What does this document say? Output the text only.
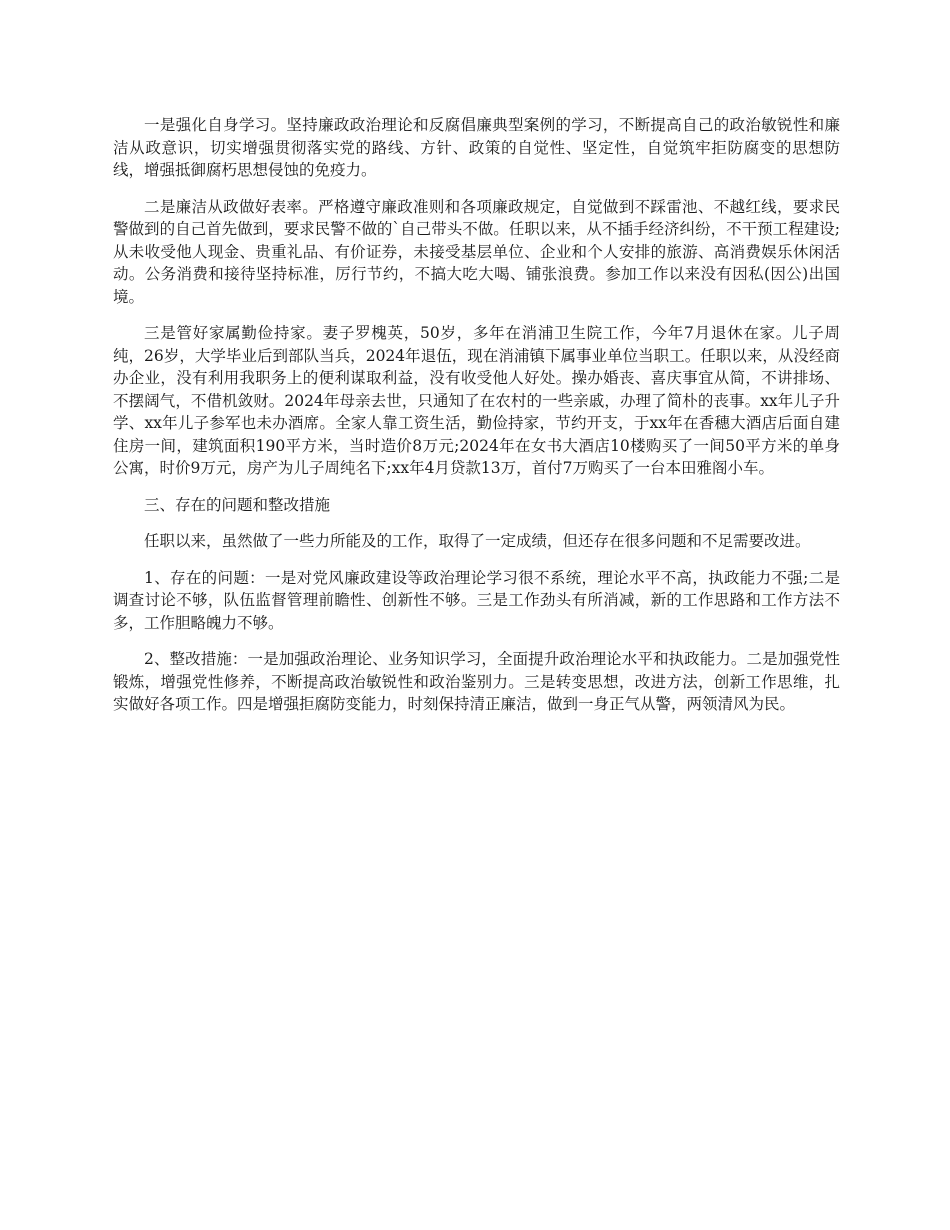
一是强化自身学习。坚持廉政政治理论和反腐倡廉典型案例的学习，不断提高自己的政治敏锐性和廉洁从政意识，切实增强贯彻落实党的路线、方针、政策的自觉性、坚定性，自觉筑牢拒防腐变的思想防线，增强抵御腐朽思想侵蚀的免疫力。

二是廉洁从政做好表率。严格遵守廉政准则和各项廉政规定，自觉做到不踩雷池、不越红线，要求民警做到的自己首先做到，要求民警不做的`自己带头不做。任职以来，从不插手经济纠纷，不干预工程建设;从未收受他人现金、贵重礼品、有价证券，未接受基层单位、企业和个人安排的旅游、高消费娱乐休闲活动。公务消费和接待坚持标准，厉行节约，不搞大吃大喝、铺张浪费。参加工作以来没有因私(因公)出国境。

三是管好家属勤俭持家。妻子罗槐英，50岁，多年在消浦卫生院工作，今年7月退休在家。儿子周纯，26岁，大学毕业后到部队当兵，2024年退伍，现在消浦镇下属事业单位当职工。任职以来，从没经商办企业，没有利用我职务上的便利谋取利益，没有收受他人好处。操办婚丧、喜庆事宜从简，不讲排场、不摆阔气，不借机敛财。2024年母亲去世，只通知了在农村的一些亲戚，办理了简朴的丧事。xx年儿子升学、xx年儿子参军也未办酒席。全家人靠工资生活，勤俭持家，节约开支，于xx年在香穗大酒店后面自建住房一间，建筑面积190平方米，当时造价8万元;2024年在女书大酒店10楼购买了一间50平方米的单身公寓，时价9万元，房产为儿子周纯名下;xx年4月贷款13万，首付7万购买了一台本田雅阁小车。

三、存在的问题和整改措施

任职以来，虽然做了一些力所能及的工作，取得了一定成绩，但还存在很多问题和不足需要改进。

1、存在的问题：一是对党风廉政建设等政治理论学习很不系统，理论水平不高，执政能力不强;二是调查讨论不够，队伍监督管理前瞻性、创新性不够。三是工作劲头有所消减，新的工作思路和工作方法不多，工作胆略魄力不够。

2、整改措施：一是加强政治理论、业务知识学习，全面提升政治理论水平和执政能力。二是加强党性锻炼，增强党性修养，不断提高政治敏锐性和政治鉴别力。三是转变思想，改进方法，创新工作思维，扎实做好各项工作。四是增强拒腐防变能力，时刻保持清正廉洁，做到一身正气从警，两领清风为民。
